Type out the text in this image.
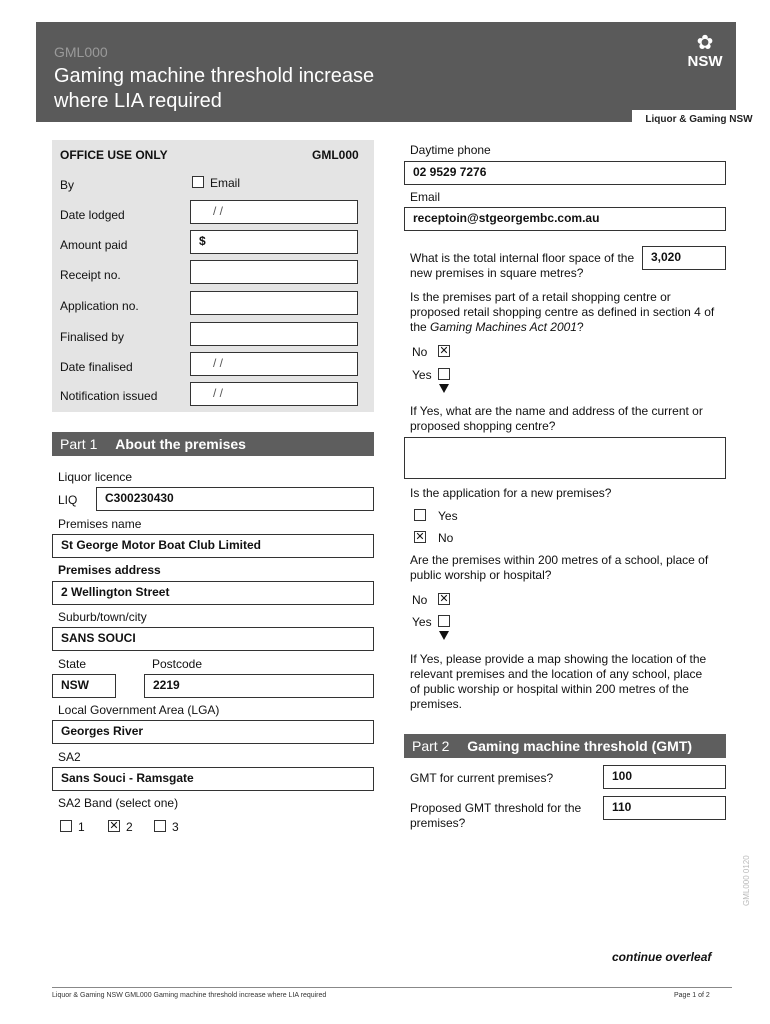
GML000
Gaming machine threshold increase
where LIA required
✿
NSW
Liquor & Gaming NSW
OFFICE USE ONLY	GML000
By	Email
Date lodged	/ /
Amount paid	$
Receipt no.
Application no.
Finalised by
Date finalised	/ /
Notification issued	/ /
Part 1 About the premises
Liquor licence
LIQ	C300230430
Premises name
St George Motor Boat Club Limited
Premises address
2 Wellington Street
Suburb/town/city
SANS SOUCI
State	Postcode
NSW	2219
Local Government Area (LGA)
Georges River
SA2
Sans Souci - Ramsgate
SA2 Band (select one)
1 ✕ 2	3
Daytime phone
02 9529 7276
Email
receptoin@stgeorgembc.com.au
What is the total internal floor space of the new premises in square metres?
3,020
Is the premises part of a retail shopping centre or proposed retail shopping centre as defined in section 4 of the Gaming Machines Act 2001?
No ✕
Yes
If Yes, what are the name and address of the current or proposed shopping centre?
Is the application for a new premises?
Yes
✕ No
Are the premises within 200 metres of a school, place of public worship or hospital?
No ✕
Yes
If Yes, please provide a map showing the location of the relevant premises and the location of any school, place of public worship or hospital within 200 metres of the premises.
Part 2 Gaming machine threshold (GMT)
GMT for current premises?	100
Proposed GMT threshold for the premises?
110
continue overleaf
GML000 0120
Liquor & Gaming NSW GML000 Gaming machine threshold increase where LIA required	Page 1 of 2
